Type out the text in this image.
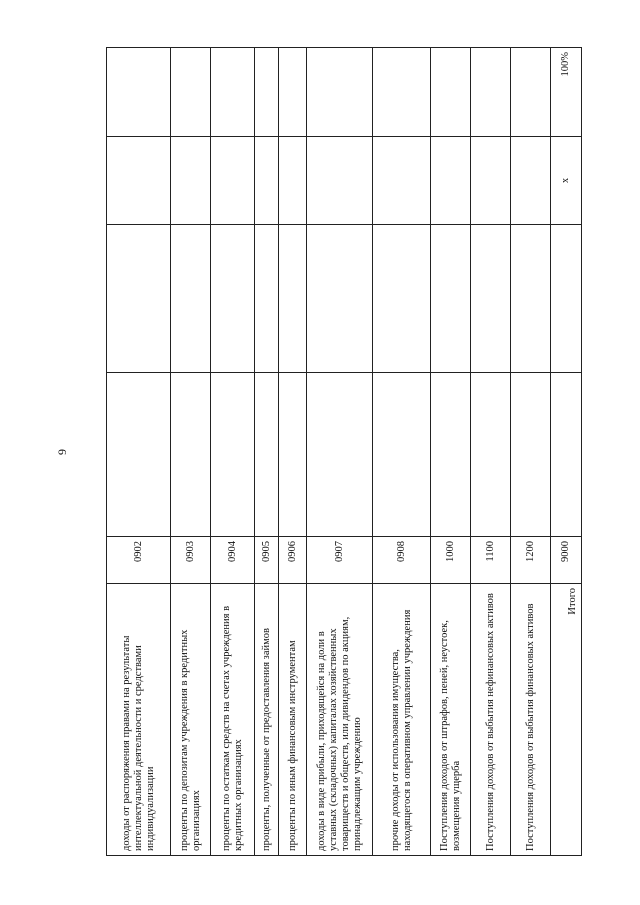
9
доходы от распоряжения правами на результаты интеллектуальной деятельности и средствами индивидуализации	0902				
проценты по депозитам учреждения в кредитных организациях	0903				
проценты по остаткам средств на счетах учреждения в кредитных организациях	0904				
проценты, полученные от предоставления займов	0905				
проценты по иным финансовым инструментам	0906				
доходы в виде прибыли, приходящейся на доли в уставных (складочных) капиталах хозяйственных товариществ и обществ, или дивидендов по акциям, принадлежащим учреждению	0907				
прочие доходы от использования имущества, находящегося в оперативном управлении учреждения	0908				
Поступления доходов от штрафов, пеней, неустоек, возмещения ущерба	1000				
Поступления доходов от выбытия нефинансовых активов	1100				
Поступления доходов от выбытия финансовых активов	1200				
Итого	9000			x	100%
